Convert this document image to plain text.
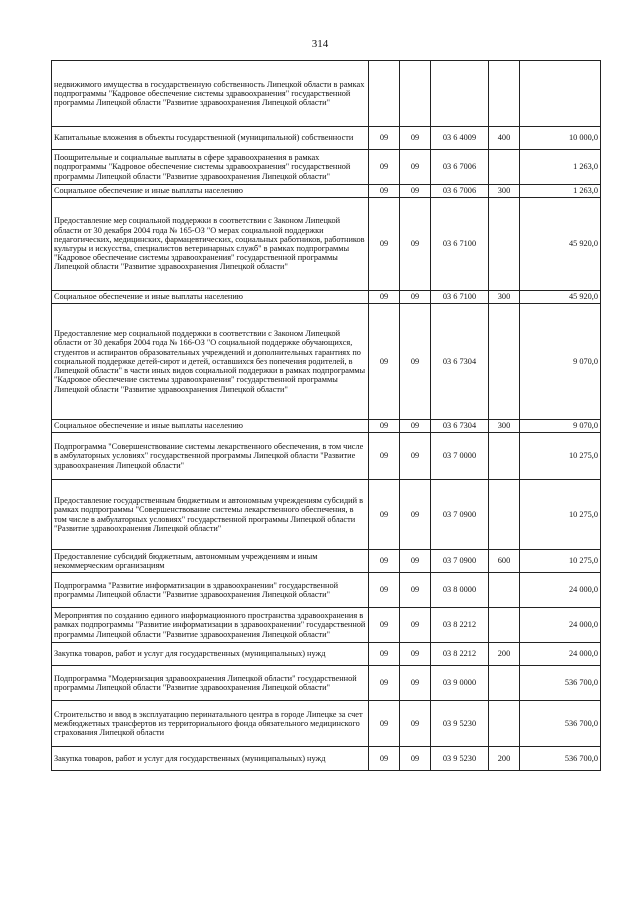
314
недвижимого имущества в государственную собственность Липецкой области в рамках подпрограммы "Кадровое обеспечение системы здравоохранения" государственной программы Липецкой области "Развитие здравоохранения Липецкой области"					
Капитальные вложения в объекты государственной (муниципальной) собственности	09	09	03 6 4009	400	10 000,0
Поощрительные и социальные выплаты в сфере здравоохранения в рамках подпрограммы "Кадровое обеспечение системы здравоохранения" государственной программы Липецкой области "Развитие здравоохранения Липецкой области"	09	09	03 6 7006		1 263,0
Социальное обеспечение и иные выплаты населению	09	09	03 6 7006	300	1 263,0
Предоставление мер социальной поддержки в соответствии с Законом Липецкой области от 30 декабря 2004 года № 165-ОЗ "О мерах социальной поддержки педагогических, медицинских, фармацевтических, социальных работников, работников культуры и искусства, специалистов ветеринарных служб" в рамках подпрограммы "Кадровое обеспечение системы здравоохранения" государственной программы Липецкой области "Развитие здравоохранения Липецкой области"	09	09	03 6 7100		45 920,0
Социальное обеспечение и иные выплаты населению	09	09	03 6 7100	300	45 920,0
Предоставление мер социальной поддержки в соответствии с Законом Липецкой области от 30 декабря 2004 года № 166-ОЗ "О социальной поддержке обучающихся, студентов и аспирантов образовательных учреждений и дополнительных гарантиях по социальной поддержке детей-сирот и детей, оставшихся без попечения родителей, в Липецкой области" в части иных видов социальной поддержки в рамках подпрограммы "Кадровое обеспечение системы здравоохранения" государственной программы Липецкой области "Развитие здравоохранения Липецкой области"	09	09	03 6 7304		9 070,0
Социальное обеспечение и иные выплаты населению	09	09	03 6 7304	300	9 070,0
Подпрограмма "Совершенствование системы лекарственного обеспечения, в том числе в амбулаторных условиях" государственной программы Липецкой области "Развитие здравоохранения Липецкой области"	09	09	03 7 0000		10 275,0
Предоставление государственным бюджетным и автономным учреждениям субсидий в рамках подпрограммы "Совершенствование системы лекарственного обеспечения, в том числе в амбулаторных условиях" государственной программы Липецкой области "Развитие здравоохранения Липецкой области"	09	09	03 7 0900		10 275,0
Предоставление субсидий бюджетным, автономным учреждениям и иным некоммерческим организациям	09	09	03 7 0900	600	10 275,0
Подпрограмма "Развитие информатизации в здравоохранении" государственной программы Липецкой области "Развитие здравоохранения Липецкой области"	09	09	03 8 0000		24 000,0
Мероприятия по созданию единого информационного пространства здравоохранения в рамках подпрограммы "Развитие информатизации в здравоохранении" государственной программы Липецкой области "Развитие здравоохранения Липецкой области"	09	09	03 8 2212		24 000,0
Закупка товаров, работ и услуг для государственных (муниципальных) нужд	09	09	03 8 2212	200	24 000,0
Подпрограмма "Модернизация здравоохранения Липецкой области" государственной программы Липецкой области "Развитие здравоохранения Липецкой области"	09	09	03 9 0000		536 700,0
Строительство и ввод в эксплуатацию перинатального центра в городе Липецке за счет межбюджетных трансфертов из территориального фонда обязательного медицинского страхования Липецкой области	09	09	03 9 5230		536 700,0
Закупка товаров, работ и услуг для государственных (муниципальных) нужд	09	09	03 9 5230	200	536 700,0
